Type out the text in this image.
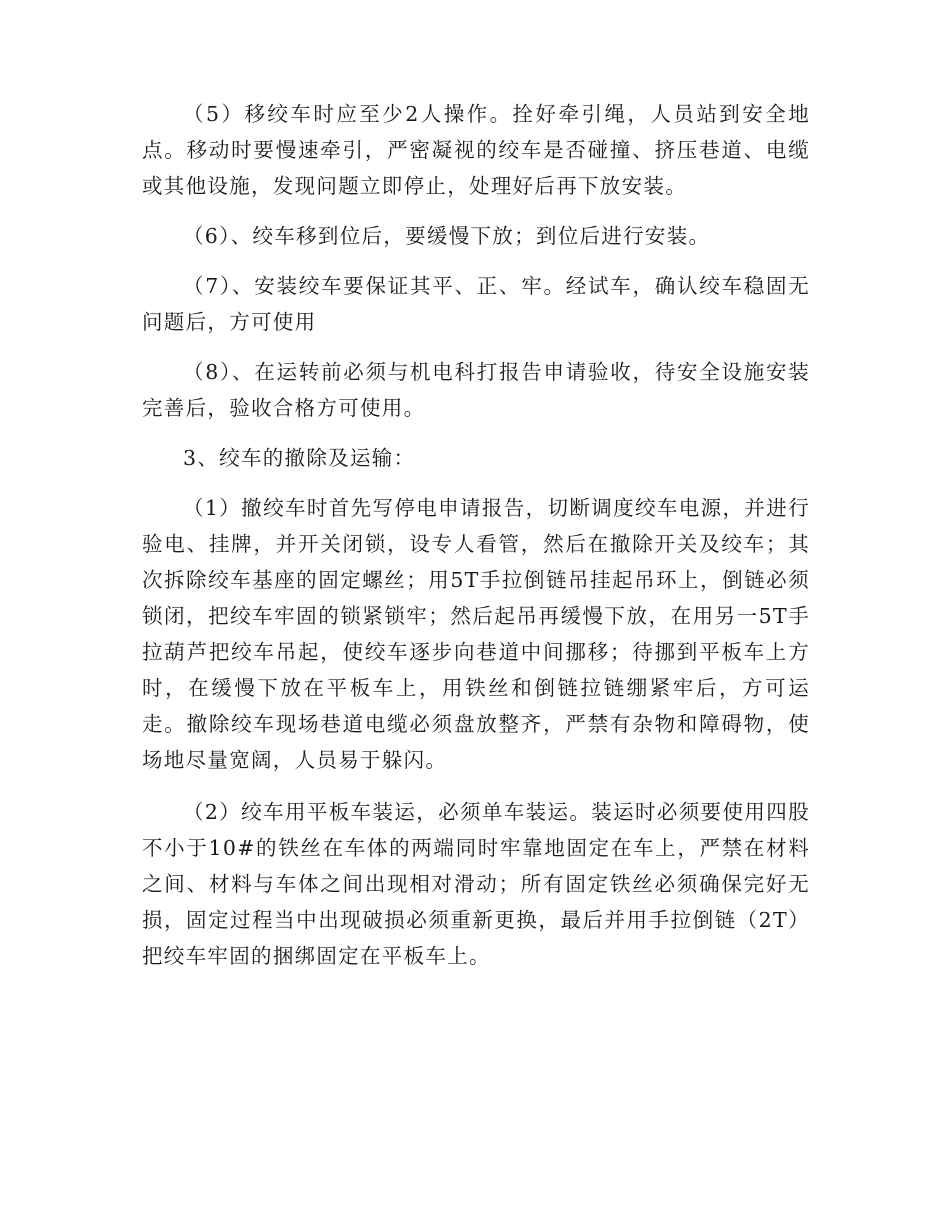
（5）移绞车时应至少2人操作。拴好牵引绳，人员站到安全地点。移动时要慢速牵引，严密凝视的绞车是否碰撞、挤压巷道、电缆或其他设施，发现问题立即停止，处理好后再下放安装。

（6）、绞车移到位后，要缓慢下放；到位后进行安装。

（7）、安装绞车要保证其平、正、牢。经试车，确认绞车稳固无问题后，方可使用

（8）、在运转前必须与机电科打报告申请验收，待安全设施安装完善后，验收合格方可使用。

3、绞车的撤除及运输：

（1）撤绞车时首先写停电申请报告，切断调度绞车电源，并进行验电、挂牌，并开关闭锁，设专人看管，然后在撤除开关及绞车；其次拆除绞车基座的固定螺丝；用5T手拉倒链吊挂起吊环上，倒链必须锁闭，把绞车牢固的锁紧锁牢；然后起吊再缓慢下放，在用另一5T手拉葫芦把绞车吊起，使绞车逐步向巷道中间挪移；待挪到平板车上方时，在缓慢下放在平板车上，用铁丝和倒链拉链绷紧牢后，方可运走。撤除绞车现场巷道电缆必须盘放整齐，严禁有杂物和障碍物，使场地尽量宽阔，人员易于躲闪。

（2）绞车用平板车装运，必须单车装运。装运时必须要使用四股不小于10#的铁丝在车体的两端同时牢靠地固定在车上，严禁在材料之间、材料与车体之间出现相对滑动；所有固定铁丝必须确保完好无损，固定过程当中出现破损必须重新更换，最后并用手拉倒链（2T）把绞车牢固的捆绑固定在平板车上。
